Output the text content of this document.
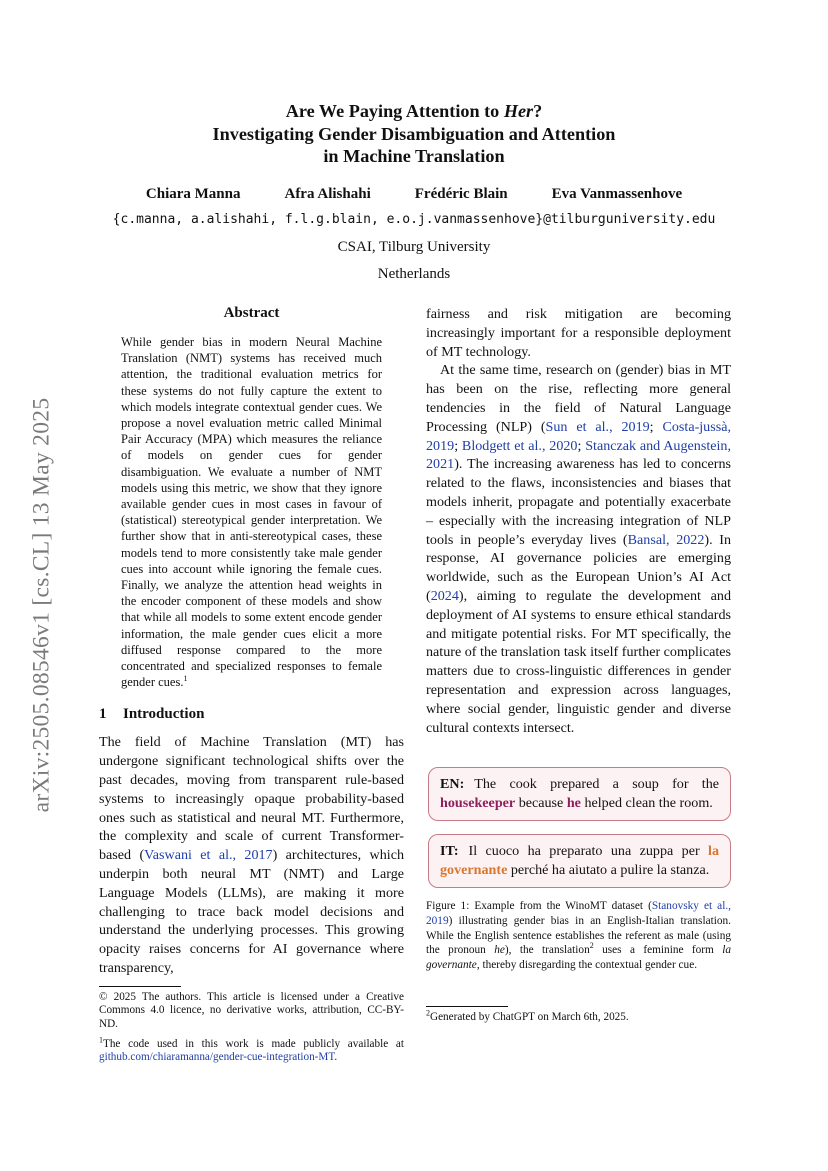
arXiv:2505.08546v1 [cs.CL] 13 May 2025
Are We Paying Attention to Her?
Investigating Gender Disambiguation and Attention
in Machine Translation
Chiara Manna	Afra Alishahi	Frédéric Blain	Eva Vanmassenhove
{c.manna, a.alishahi, f.l.g.blain, e.o.j.vanmassenhove}@tilburguniversity.edu
CSAI, Tilburg University
Netherlands
Abstract

While gender bias in modern Neural Machine Translation (NMT) systems has received much attention, the traditional evaluation metrics for these systems do not fully capture the extent to which models integrate contextual gender cues. We propose a novel evaluation metric called Minimal Pair Accuracy (MPA) which measures the reliance of models on gender cues for gender disambiguation. We evaluate a number of NMT models using this metric, we show that they ignore available gender cues in most cases in favour of (statistical) stereotypical gender interpretation. We further show that in anti-stereotypical cases, these models tend to more consistently take male gender cues into account while ignoring the female cues. Finally, we analyze the attention head weights in the encoder component of these models and show that while all models to some extent encode gender information, the male gender cues elicit a more diffused response compared to the more concentrated and specialized responses to female gender cues.$^1$

1 Introduction

The field of Machine Translation (MT) has undergone significant technological shifts over the past decades, moving from transparent rule-based systems to increasingly opaque probability-based ones such as statistical and neural MT. Furthermore, the complexity and scale of current Transformer-based (Vaswani et al., 2017) architectures, which underpin both neural MT (NMT) and Large Language Models (LLMs), are making it more challenging to trace back model decisions and understand the underlying processes. This growing opacity raises concerns for AI governance where transparency,

© 2025 The authors. This article is licensed under a Creative Commons 4.0 licence, no derivative works, attribution, CC-BY-ND.

$^1$The code used in this work is made publicly available at github.com/chiaramanna/gender-cue-integration-MT.

fairness and risk mitigation are becoming increasingly important for a responsible deployment of MT technology.

At the same time, research on (gender) bias in MT has been on the rise, reflecting more general tendencies in the field of Natural Language Processing (NLP) (Sun et al., 2019; Costa-jussà, 2019; Blodgett et al., 2020; Stanczak and Augenstein, 2021). The increasing awareness has led to concerns related to the flaws, inconsistencies and biases that models inherit, propagate and potentially exacerbate – especially with the increasing integration of NLP tools in people’s everyday lives (Bansal, 2022). In response, AI governance policies are emerging worldwide, such as the European Union’s AI Act (2024), aiming to regulate the development and deployment of AI systems to ensure ethical standards and mitigate potential risks. For MT specifically, the nature of the translation task itself further complicates matters due to cross-linguistic differences in gender representation and expression across languages, where social gender, linguistic gender and diverse cultural contexts intersect.

EN: The cook prepared a soup for the housekeeper because he helped clean the room.
IT: Il cuoco ha preparato una zuppa per la governante perché ha aiutato a pulire la stanza.

Figure 1: Example from the WinoMT dataset (Stanovsky et al., 2019) illustrating gender bias in an English-Italian translation. While the English sentence establishes the referent as male (using the pronoun he), the translation$^2$ uses a feminine form la governante, thereby disregarding the contextual gender cue.

$^2$Generated by ChatGPT on March 6th, 2025.
